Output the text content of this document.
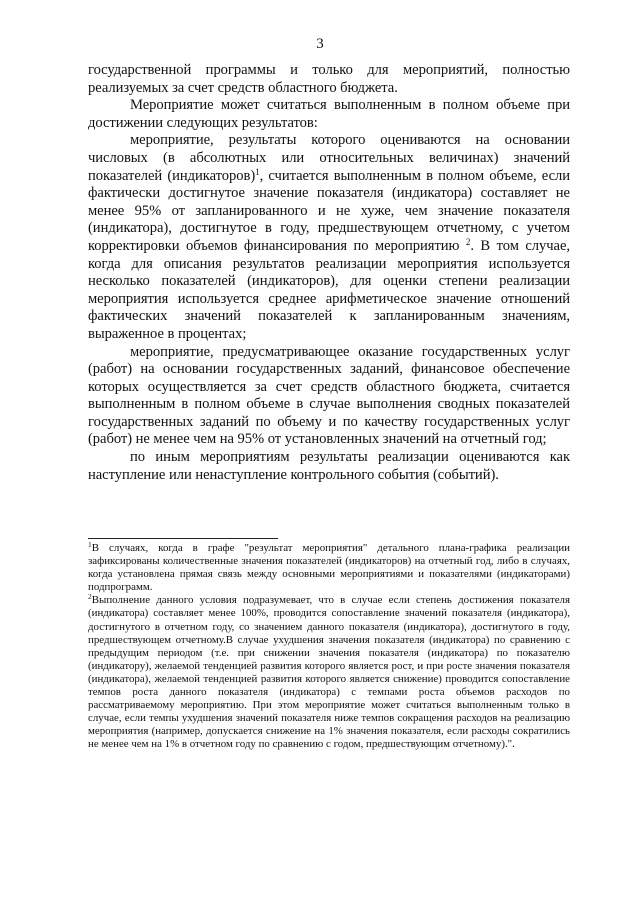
3

государственной программы и только для мероприятий, полностью реализуемых за счет средств областного бюджета.

Мероприятие может считаться выполненным в полном объеме при достижении следующих результатов:

мероприятие, результаты которого оцениваются на основании числовых (в абсолютных или относительных величинах) значений показателей (индикаторов)$^1$, считается выполненным в полном объеме, если фактически достигнутое значение показателя (индикатора) составляет не менее 95% от запланированного и не хуже, чем значение показателя (индикатора), достигнутое в году, предшествующем отчетному, с учетом корректировки объемов финансирования по мероприятию $^2$. В том случае, когда для описания результатов реализации мероприятия используется несколько показателей (индикаторов), для оценки степени реализации мероприятия используется среднее арифметическое значение отношений фактических значений показателей к запланированным значениям, выраженное в процентах;

мероприятие, предусматривающее оказание государственных услуг (работ) на основании государственных заданий, финансовое обеспечение которых осуществляется за счет средств областного бюджета, считается выполненным в полном объеме в случае выполнения сводных показателей государственных заданий по объему и по качеству государственных услуг (работ) не менее чем на 95% от установленных значений на отчетный год;

по иным мероприятиям результаты реализации оцениваются как наступление или ненаступление контрольного события (событий).

$^1$В случаях, когда в графе "результат мероприятия" детального плана-графика реализации зафиксированы количественные значения показателей (индикаторов) на отчетный год, либо в случаях, когда установлена прямая связь между основными мероприятиями и показателями (индикаторами) подпрограмм.

$^2$Выполнение данного условия подразумевает, что в случае если степень достижения показателя (индикатора) составляет менее 100%, проводится сопоставление значений показателя (индикатора), достигнутого в отчетном году, со значением данного показателя (индикатора), достигнутого в году, предшествующем отчетному.В случае ухудшения значения показателя (индикатора) по сравнению с предыдущим периодом (т.е. при снижении значения показателя (индикатора) по показателю (индикатору), желаемой тенденцией развития которого является рост, и при росте значения показателя (индикатора), желаемой тенденцией развития которого является снижение) проводится сопоставление темпов роста данного показателя (индикатора) с темпами роста объемов расходов по рассматриваемому мероприятию. При этом мероприятие может считаться выполненным только в случае, если темпы ухудшения значений показателя ниже темпов сокращения расходов на реализацию мероприятия (например, допускается снижение на 1% значения показателя, если расходы сократились не менее чем на 1% в отчетном году по сравнению с годом, предшествующим отчетному).".
